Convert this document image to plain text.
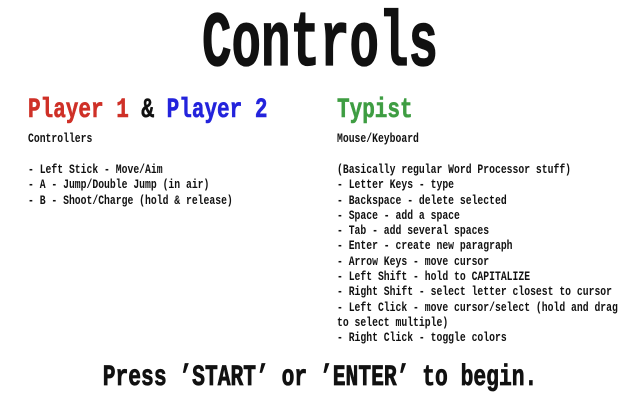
Controls
Player 1 & Player 2
Controllers
- Left Stick - Move/Aim
- A - Jump/Double Jump (in air)
- B - Shoot/Charge (hold & release)
Typist
Mouse/Keyboard
(Basically regular Word Processor stuff)
- Letter Keys - type
- Backspace - delete selected
- Space - add a space
- Tab - add several spaces
- Enter - create new paragraph
- Arrow Keys - move cursor
- Left Shift - hold to CAPITALIZE
- Right Shift - select letter closest to cursor
- Left Click - move cursor/select (hold and drag
to select multiple)
- Right Click - toggle colors
Press ’START’ or ’ENTER’ to begin.
